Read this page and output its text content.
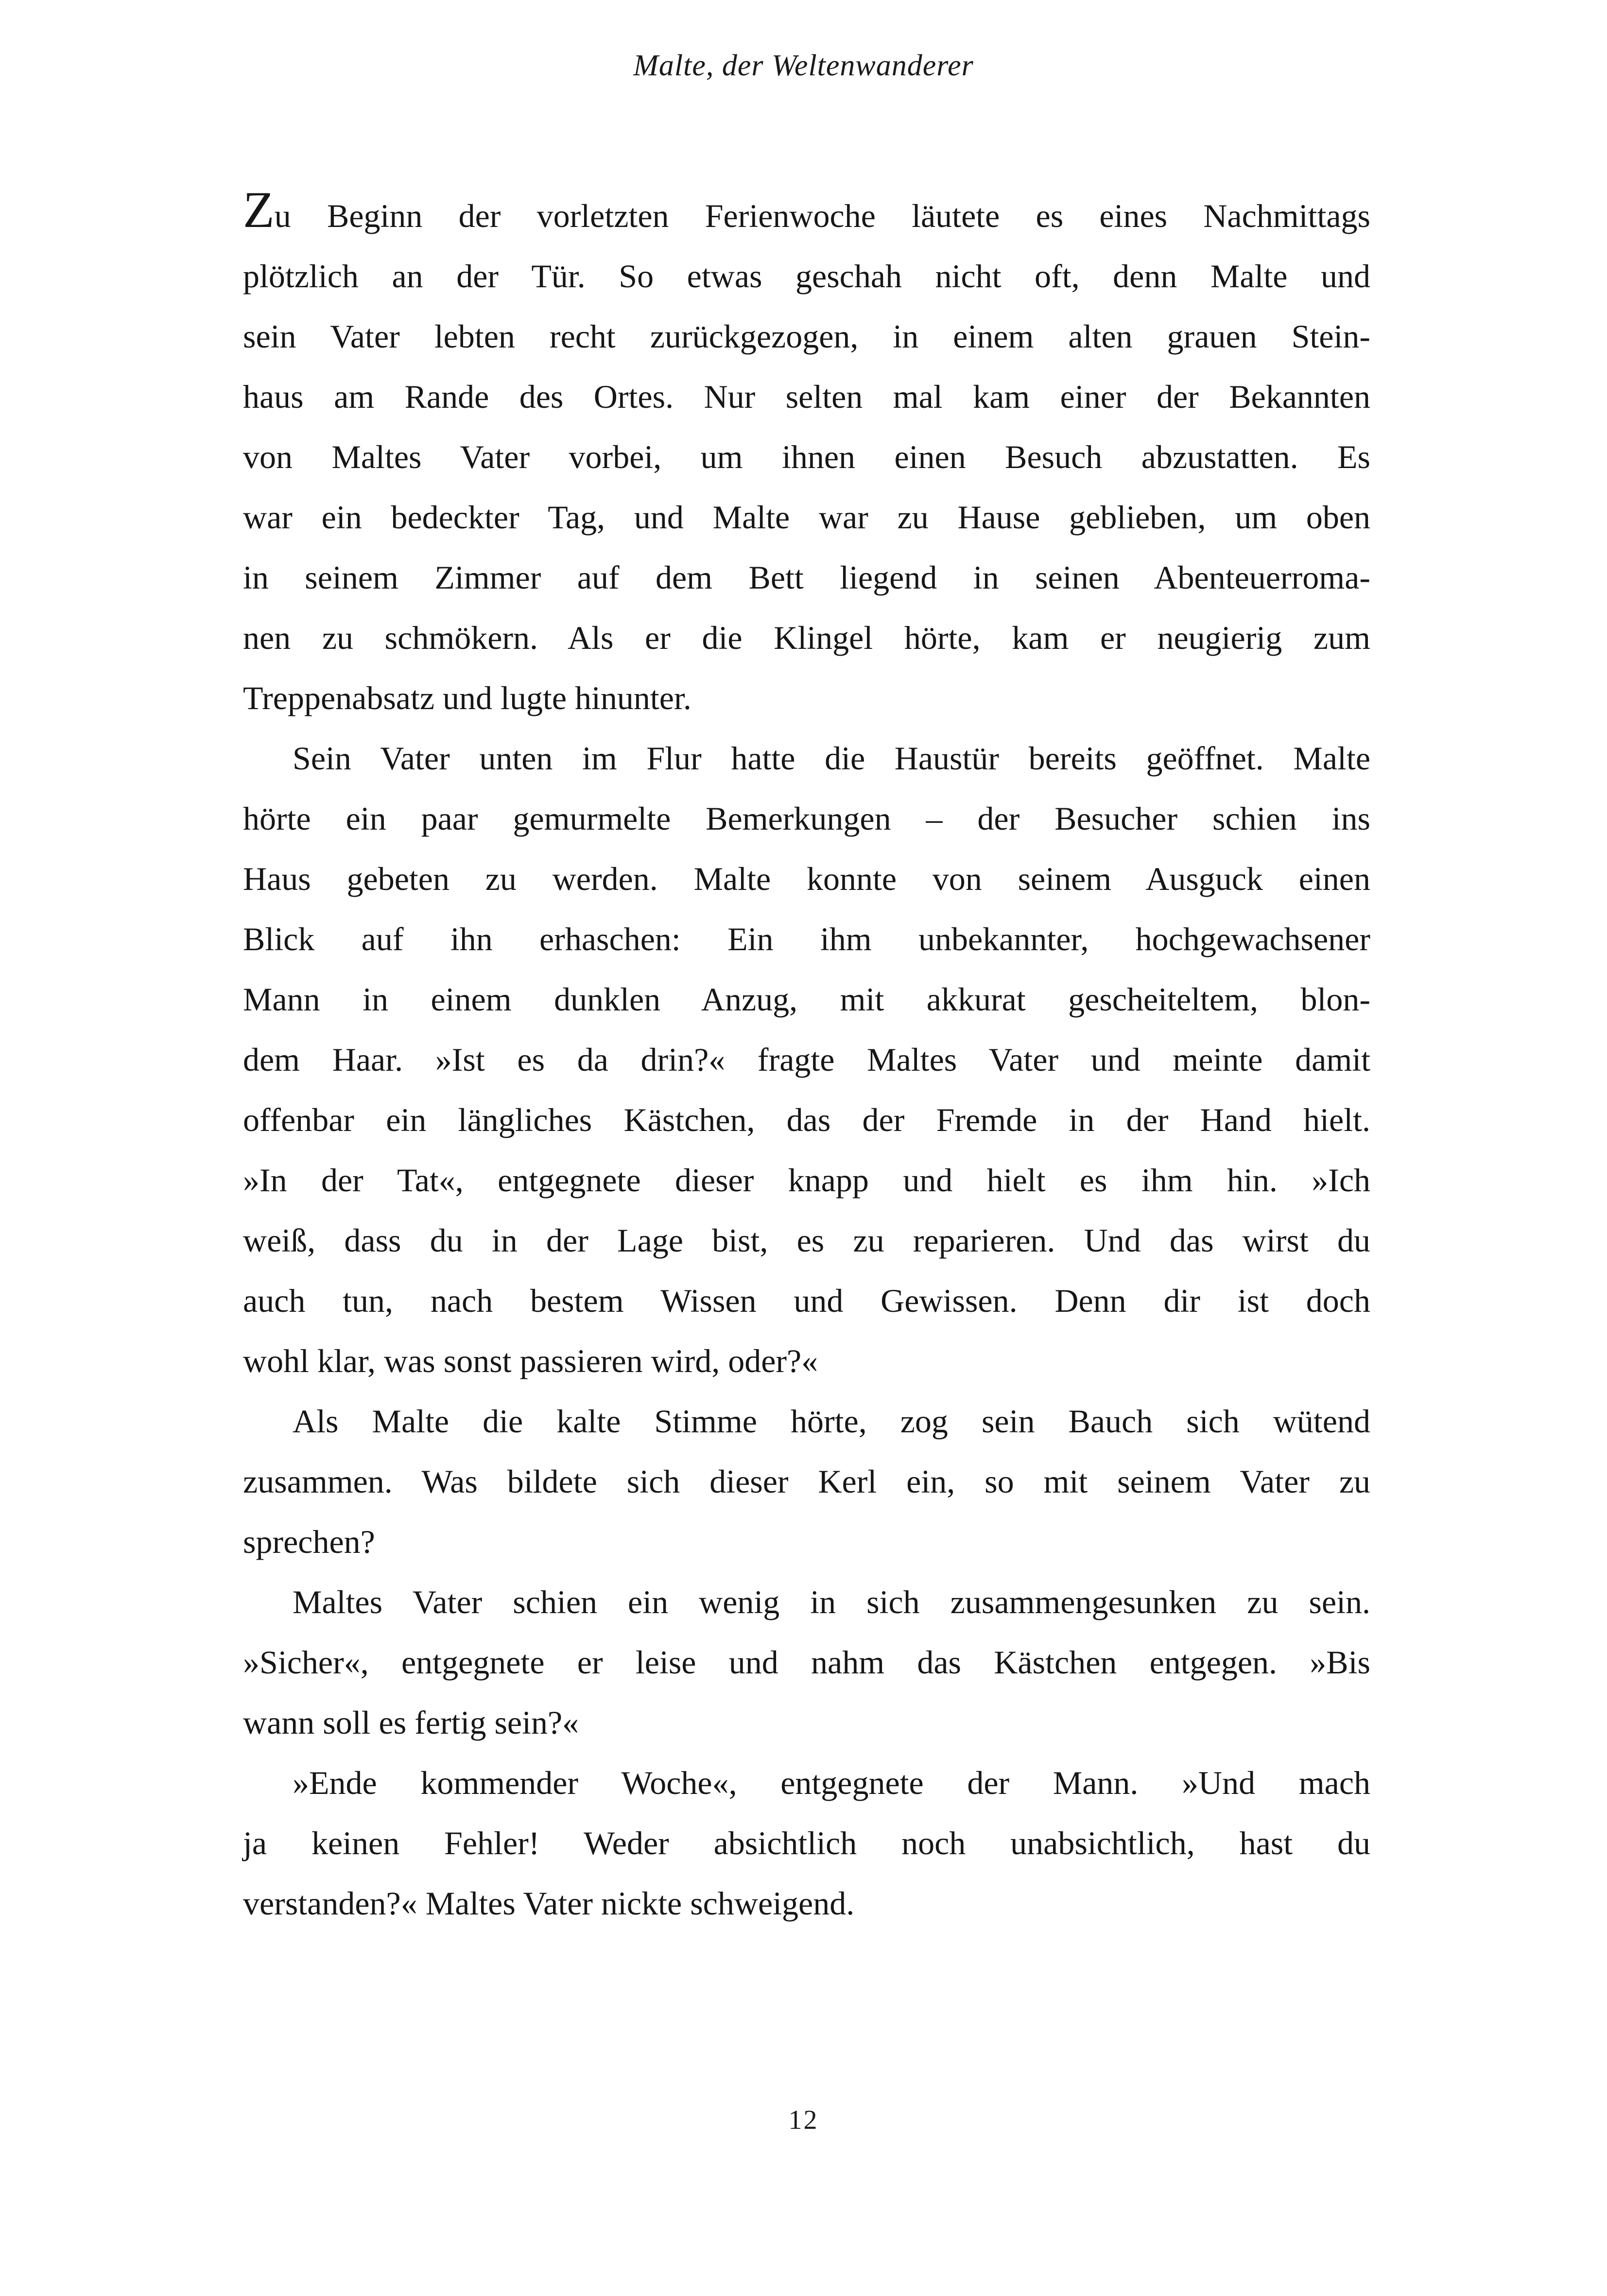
Malte, der Weltenwanderer
Zu Beginn der vorletzten Ferienwoche läutete es eines Nachmittags
plötzlich an der Tür. So etwas geschah nicht oft, denn Malte und
sein Vater lebten recht zurückgezogen, in einem alten grauen Stein-
haus am Rande des Ortes. Nur selten mal kam einer der Bekannten
von Maltes Vater vorbei, um ihnen einen Besuch abzustatten. Es
war ein bedeckter Tag, und Malte war zu Hause geblieben, um oben
in seinem Zimmer auf dem Bett liegend in seinen Abenteuerroma-
nen zu schmökern. Als er die Klingel hörte, kam er neugierig zum
Treppenabsatz und lugte hinunter.
Sein Vater unten im Flur hatte die Haustür bereits geöffnet. Malte
hörte ein paar gemurmelte Bemerkungen – der Besucher schien ins
Haus gebeten zu werden. Malte konnte von seinem Ausguck einen
Blick auf ihn erhaschen: Ein ihm unbekannter, hochgewachsener
Mann in einem dunklen Anzug, mit akkurat gescheiteltem, blon-
dem Haar. »Ist es da drin?« fragte Maltes Vater und meinte damit
offenbar ein längliches Kästchen, das der Fremde in der Hand hielt.
»In der Tat«, entgegnete dieser knapp und hielt es ihm hin. »Ich
weiß, dass du in der Lage bist, es zu reparieren. Und das wirst du
auch tun, nach bestem Wissen und Gewissen. Denn dir ist doch
wohl klar, was sonst passieren wird, oder?«
Als Malte die kalte Stimme hörte, zog sein Bauch sich wütend
zusammen. Was bildete sich dieser Kerl ein, so mit seinem Vater zu
sprechen?
Maltes Vater schien ein wenig in sich zusammengesunken zu sein.
»Sicher«, entgegnete er leise und nahm das Kästchen entgegen. »Bis
wann soll es fertig sein?«
»Ende kommender Woche«, entgegnete der Mann. »Und mach
ja keinen Fehler! Weder absichtlich noch unabsichtlich, hast du
verstanden?« Maltes Vater nickte schweigend.
12
